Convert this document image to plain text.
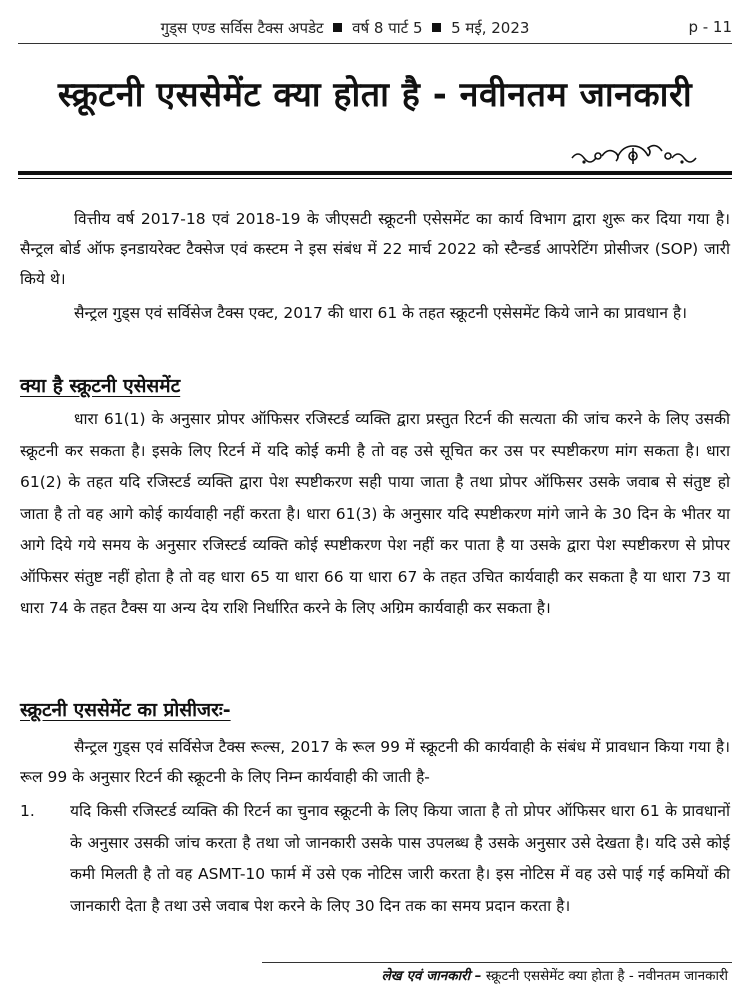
गुड्स एण्ड सर्विस टैक्स अपडेट वर्ष 8 पार्ट 5 5 मई, 2023	p - 11
स्क्रूटनी एससेमेंट क्या होता है - नवीनतम जानकारी

वित्तीय वर्ष 2017-18 एवं 2018-19 के जीएसटी स्क्रूटनी एसेसमेंट का कार्य विभाग द्वारा शुरू कर दिया गया है। सैन्ट्रल बोर्ड ऑफ इनडायरेक्ट टैक्सेज एवं कस्टम ने इस संबंध में 22 मार्च 2022 को स्टैन्डर्ड आपरेटिंग प्रोसीजर (SOP) जारी किये थे।

सैन्ट्रल गुड्स एवं सर्विसेज टैक्स एक्ट, 2017 की धारा 61 के तहत स्क्रूटनी एसेसमेंट किये जाने का प्रावधान है।

क्या है स्क्रूटनी एसेसमेंट

धारा 61(1) के अनुसार प्रोपर ऑफिसर रजिस्टर्ड व्यक्ति द्वारा प्रस्तुत रिटर्न की सत्यता की जांच करने के लिए उसकी स्क्रूटनी कर सकता है। इसके लिए रिटर्न में यदि कोई कमी है तो वह उसे सूचित कर उस पर स्पष्टीकरण मांग सकता है। धारा 61(2) के तहत यदि रजिस्टर्ड व्यक्ति द्वारा पेश स्पष्टीकरण सही पाया जाता है तथा प्रोपर ऑफिसर उसके जवाब से संतुष्ट हो जाता है तो वह आगे कोई कार्यवाही नहीं करता है। धारा 61(3) के अनुसार यदि स्पष्टीकरण मांगे जाने के 30 दिन के भीतर या आगे दिये गये समय के अनुसार रजिस्टर्ड व्यक्ति कोई स्पष्टीकरण पेश नहीं कर पाता है या उसके द्वारा पेश स्पष्टीकरण से प्रोपर ऑफिसर संतुष्ट नहीं होता है तो वह धारा 65 या धारा 66 या धारा 67 के तहत उचित कार्यवाही कर सकता है या धारा 73 या धारा 74 के तहत टैक्स या अन्य देय राशि निर्धारित करने के लिए अग्रिम कार्यवाही कर सकता है।

स्क्रूटनी एससेमेंट का प्रोसीजरः-

सैन्ट्रल गुड्स एवं सर्विसेज टैक्स रूल्स, 2017 के रूल 99 में स्क्रूटनी की कार्यवाही के संबंध में प्रावधान किया गया है। रूल 99 के अनुसार रिटर्न की स्क्रूटनी के लिए निम्न कार्यवाही की जाती है-

1. यदि किसी रजिस्टर्ड व्यक्ति की रिटर्न का चुनाव स्क्रूटनी के लिए किया जाता है तो प्रोपर ऑफिसर धारा 61 के प्रावधानों के अनुसार उसकी जांच करता है तथा जो जानकारी उसके पास उपलब्ध है उसके अनुसार उसे देखता है। यदि उसे कोई कमी मिलती है तो वह ASMT-10 फार्म में उसे एक नोटिस जारी करता है। इस नोटिस में वह उसे पाई गई कमियों की जानकारी देता है तथा उसे जवाब पेश करने के लिए 30 दिन तक का समय प्रदान करता है।
लेख एवं जानकारी – स्क्रूटनी एससेमेंट क्या होता है - नवीनतम जानकारी
